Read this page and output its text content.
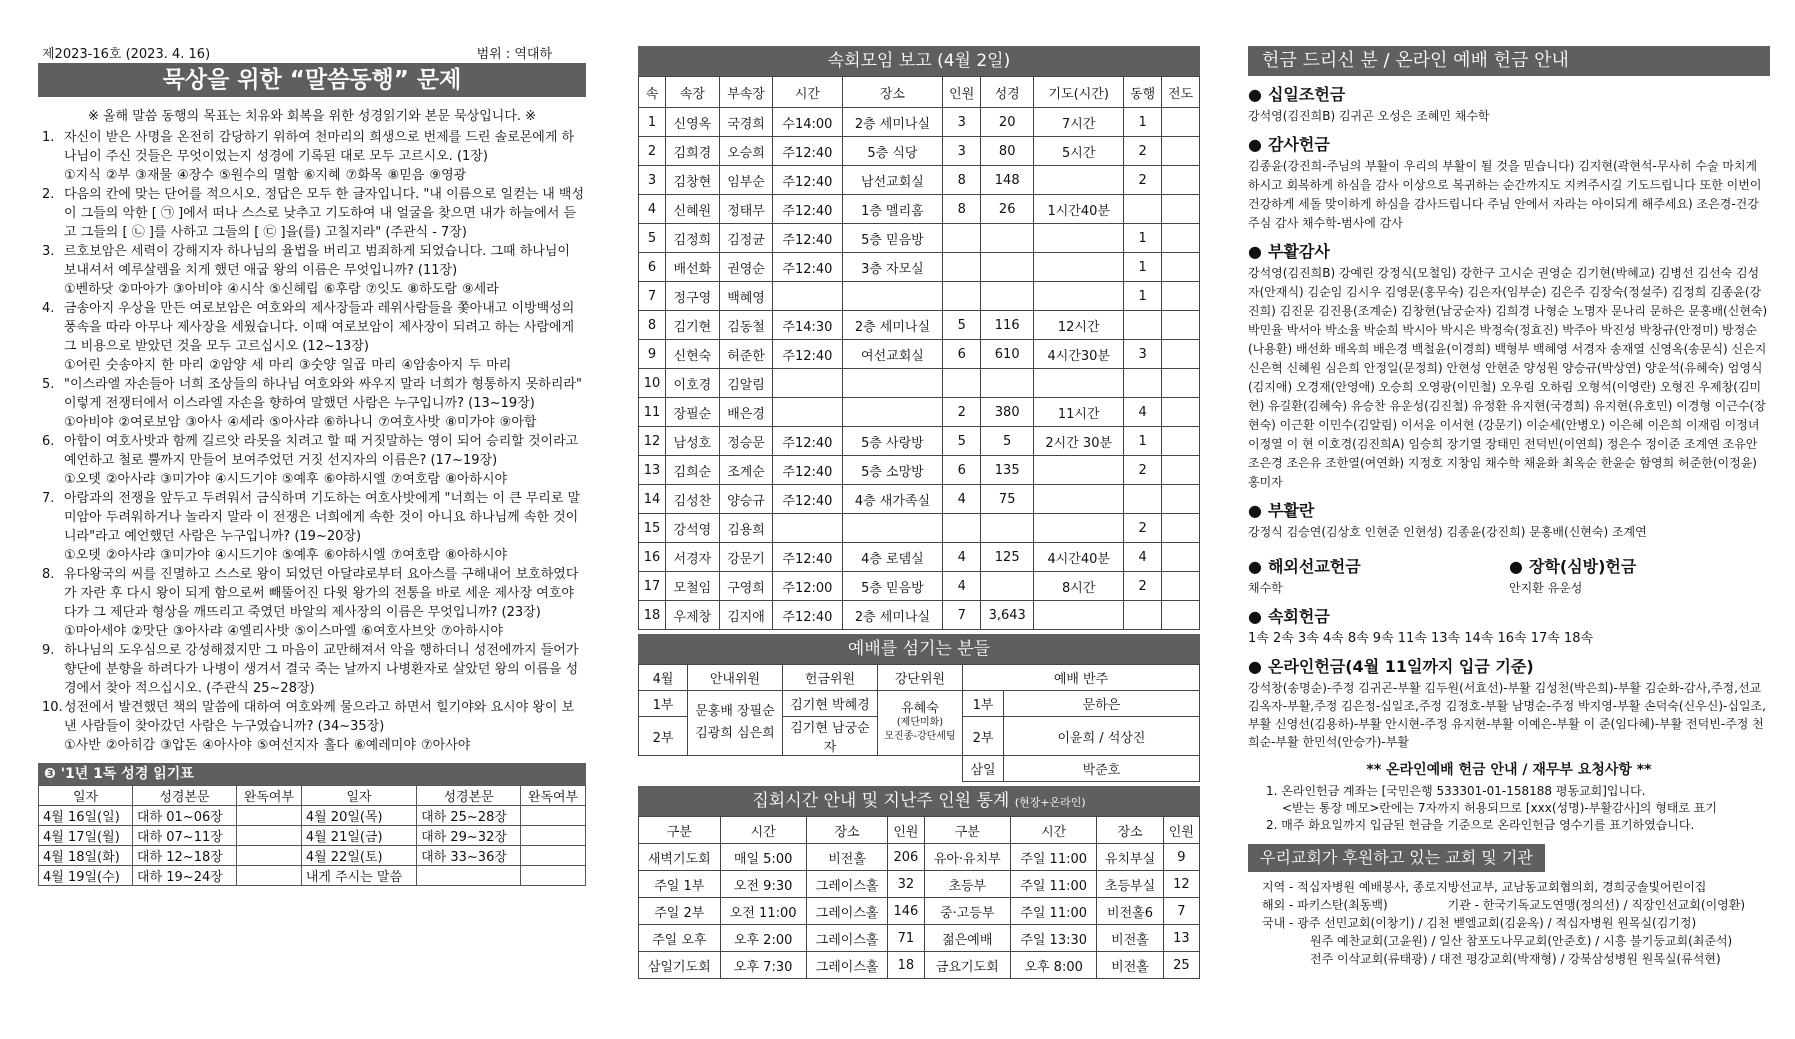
제2023-16호 (2023. 4. 16)	범위 : 역대하
묵상을 위한 “말씀동행” 문제
※ 올해 말씀 동행의 목표는 치유와 회복을 위한 성경읽기와 본문 묵상입니다. ※
1. 자신이 받은 사명을 온전히 감당하기 위하여 천마리의 희생으로 번제를 드린 솔로몬에게 하나님이 주신 것들은 무엇이었는지 성경에 기록된 대로 모두 고르시오. (1장)
①지식 ②부 ③재물 ④장수 ⑤원수의 멸함 ⑥지혜 ⑦화목 ⑧믿음 ⑨영광
2. 다음의 칸에 맞는 단어를 적으시오. 정답은 모두 한 글자입니다. "내 이름으로 일컫는 내 백성이 그들의 악한 [ ㉠ ]에서 떠나 스스로 낮추고 기도하여 내 얼굴을 찾으면 내가 하늘에서 듣고 그들의 [ ㉡ ]를 사하고 그들의 [ ㉢ ]을(를) 고칠지라" (주관식 - 7장)
3. 르호보암은 세력이 강해지자 하나님의 율법을 버리고 범죄하게 되었습니다. 그때 하나님이 보내셔서 예루살렘을 치게 했던 애굽 왕의 이름은 무엇입니까? (11장)
①벤하닷 ②마아가 ③아비야 ④시삭 ⑤신헤립 ⑥후람 ⑦잇도 ⑧하도람 ⑨세라
4. 금송아지 우상을 만든 여로보암은 여호와의 제사장들과 레위사람들을 쫓아내고 이방백성의 풍속을 따라 아무나 제사장을 세웠습니다. 이때 여로보암이 제사장이 되려고 하는 사람에게 그 비용으로 받았던 것을 모두 고르십시오 (12~13장)
①어린 숫송아지 한 마리 ②암양 세 마리 ③숫양 일곱 마리 ④암송아지 두 마리
5. "이스라엘 자손들아 너희 조상들의 하나님 여호와와 싸우지 말라 너희가 형통하지 못하리라" 이렇게 전쟁터에서 이스라엘 자손을 향하여 말했던 사람은 누구입니까? (13~19장)
①아비야 ②여로보암 ③아사 ④세라 ⑤아사랴 ⑥하나니 ⑦여호사밧 ⑧미가야 ⑨아합
6. 아합이 여호사밧과 함께 길르앗 라못을 치려고 할 때 거짓말하는 영이 되어 승리할 것이라고 예언하고 철로 뿔까지 만들어 보여주었던 거짓 선지자의 이름은? (17~19장)
①오뎃 ②아사랴 ③미가야 ④시드기야 ⑤예후 ⑥야하시엘 ⑦여호람 ⑧아하시야
7. 아람과의 전쟁을 앞두고 두려워서 금식하며 기도하는 여호사밧에게 "너희는 이 큰 무리로 말미암아 두려워하거나 놀라지 말라 이 전쟁은 너희에게 속한 것이 아니요 하나님께 속한 것이니라"라고 예언했던 사람은 누구입니까? (19~20장)
①오뎃 ②아사랴 ③미가야 ④시드기야 ⑤예후 ⑥야하시엘 ⑦여호람 ⑧아하시야
8. 유다왕국의 씨를 진멸하고 스스로 왕이 되었던 아달랴로부터 요아스를 구해내어 보호하였다가 자란 후 다시 왕이 되게 함으로써 빼뚤어진 다윗 왕가의 전통을 바로 세운 제사장 여호야다가 그 제단과 형상을 깨뜨리고 죽였던 바알의 제사장의 이름은 무엇입니까? (23장)
①마아세야 ②맛단 ③아사랴 ④엘리사밧 ⑤이스마엘 ⑥여호사브앗 ⑦아하시야
9. 하나님의 도우심으로 강성해졌지만 그 마음이 교만해져서 악을 행하더니 성전에까지 들어가 향단에 분향을 하려다가 나병이 생겨서 결국 죽는 날까지 나병환자로 살았던 왕의 이름을 성경에서 찾아 적으십시오. (주관식 25~28장)
10. 성전에서 발견했던 책의 말씀에 대하여 여호와께 물으라고 하면서 힐기야와 요시야 왕이 보낸 사람들이 찾아갔던 사람은 누구였습니까? (34~35장)
①사반 ②아히감 ③압돈 ④아사야 ⑤여선지자 훌다 ⑥예레미야 ⑦아사야
❸ '1년 1독 성경 읽기표
일자	성경본문	완독여부	일자	성경본문	완독여부
4월 16일(일)	대하 01~06장		4월 20일(목)	대하 25~28장	
4월 17일(월)	대하 07~11장		4월 21일(금)	대하 29~32장	
4월 18일(화)	대하 12~18장		4월 22일(토)	대하 33~36장	
4월 19일(수)	대하 19~24장		내게 주시는 말씀		
속회모임 보고 (4월 2일)
속	속장	부속장	시간	장소	인원	성경	기도(시간)	동행	전도
1	신영옥	국경희	수14:00	2층 세미나실	3	20	7시간	1	
2	김희경	오승희	주12:40	5층 식당	3	80	5시간	2	
3	김창현	임부순	주12:40	남선교회실	8	148		2	
4	신혜원	정태무	주12:40	1층 멜리홈	8	26	1시간40분		
5	김정희	김정균	주12:40	5층 믿음방				1	
6	배선화	권영순	주12:40	3층 자모실				1	
7	정구영	백혜영						1	
8	김기현	김동철	주14:30	2층 세미나실	5	116	12시간		
9	신현숙	허준한	주12:40	여선교회실	6	610	4시간30분	3	
10	이호경	김알림							
11	장필순	배은경			2	380	11시간	4	
12	남성호	정승문	주12:40	5층 사랑방	5	5	2시간 30분	1	
13	김희순	조계순	주12:40	5층 소망방	6	135		2	
14	김성찬	양승규	주12:40	4층 새가족실	4	75			
15	강석영	김용희						2	
16	서경자	강문기	주12:40	4층 로뎀실	4	125	4시간40분	4	
17	모철임	구영희	주12:00	5층 믿음방	4		8시간	2	
18	우제창	김지애	주12:40	2층 세미나실	7	3,643			
예배를 섬기는 분들
4월	안내위원	헌금위원	강단위원	예배 반주	
1부	문홍배 장필순 김광희 심은희	김기현 박혜경	유혜숙
(제단미화)
모진종-강단세팅	1부	문하은
2부		김기현 남궁순자		2부	이윤희 / 석상진
				삼일	박준호
집회시간 안내 및 지난주 인원 통계 (현장+온라인)
구분	시간	장소	인원	구분	시간	장소	인원
새벽기도회	매일 5:00	비전홀	206	유아·유치부	주일 11:00	유치부실	9
주일 1부	오전 9:30	그레이스홀	32	초등부	주일 11:00	초등부실	12
주일 2부	오전 11:00	그레이스홀	146	중·고등부	주일 11:00	비전홀6	7
주일 오후	오후 2:00	그레이스홀	71	젊은예배	주일 13:30	비전홀	13
삼일기도회	오후 7:30	그레이스홀	18	금요기도회	오후 8:00	비전홀	25
헌금 드리신 분 / 온라인 예배 헌금 안내
● 십일조헌금
강석영(김진희B) 김귀곤 오성은 조혜민 채수학
● 감사헌금
김종윤(강진희-주님의 부활이 우리의 부활이 될 것을 믿습니다) 김지현(곽현석-무사히 수술 마치게 하시고 회복하게 하심을 감사 이상으로 복귀하는 순간까지도 지켜주시길 기도드립니다 또한 이번이 건강하게 세돌 맞이하게 하심을 감사드립니다 주님 안에서 자라는 아이되게 해주세요) 조은경-건강 주심 감사 채수학-범사에 감사
● 부활감사
강석영(김진희B) 강예린 강정식(모철임) 강한구 고시순 권영순 김기현(박혜교) 김병선 김선숙 김성자(안재식) 김순임 김시우 김영문(홍무숙) 김은자(임부순) 김은주 김장숙(정설주) 김정희 김종윤(강진희) 김진문 김진용(조계순) 김창현(남궁순자) 김희경 나형순 노명자 문나리 문하은 문홍배(신현숙) 박민율 박서아 박소율 박순희 박시아 박시은 박정숙(정효진) 박주아 박진성 박창규(안정미) 방정순(나용환) 배선화 배옥희 배은경 백철윤(이경희) 백형부 백혜영 서경자 송재열 신영옥(송문식) 신은지 신은혁 신혜원 심은희 안정일(문정희) 안현성 안현준 양성원 양승규(박상연) 양운석(유혜숙) 엄영식(김지애) 오경재(안영애) 오승희 오영광(이민철) 오우림 오하림 오형석(이영란) 오형진 우제창(김미현) 유길환(김혜숙) 유승찬 유운성(김진철) 유정환 유지현(국경희) 유지현(유호민) 이경형 이근수(장현숙) 이근환 이민수(김알림) 이서윤 이서현 (강문기) 이순세(안병오) 이은혜 이은희 이재림 이정녀 이정열 이 현 이호경(김진희A) 임승희 장기열 장태민 전덕빈(이연희) 정은수 정이준 조계연 조유안 조은경 조은유 조한열(여연화) 지정호 지창임 채수학 채윤화 최옥순 한윤순 함영희 허준한(이정윤) 홍미자
● 부활란
강정식 김승연(김상호 인현준 인현성) 김종윤(강진희) 문홍배(신현숙) 조계연
● 해외선교헌금
채수학
● 장학(심방)헌금
안지환 유운성
● 속회헌금
1속 2속 3속 4속 8속 9속 11속 13속 14속 16속 17속 18속
● 온라인헌금(4월 11일까지 입금 기준)
강석창(송명순)-주정 김귀곤-부활 김두원(서효선)-부활 김성천(박은희)-부활 김순화-감사,주정,선교 김옥자-부활,주정 김은정-십일조,주정 김정호-부활 남명순-주정 박지영-부활 손덕숙(신우신)-십일조, 부활 신영선(김용하)-부활 안시현-주정 유지현-부활 이예은-부활 이 준(임다혜)-부활 전덕빈-주정 천희순-부활 한민석(안승가)-부활
** 온라인예배 헌금 안내 / 재무부 요청사항 **
1. 온라인헌금 계좌는 [국민은행 533301-01-158188 평동교회]입니다.
<받는 통장 메모>란에는 7자까지 허용되므로 [xxx(성명)-부활감사]의 형태로 표기
2. 매주 화요일까지 입금된 헌금을 기준으로 온라인헌금 영수기를 표기하였습니다.
우리교회가 후원하고 있는 교회 및 기관
지역 - 적십자병원 예배봉사, 종로지방선교부, 교남동교회협의회, 경희궁솔빛어린이집
해외 - 파키스탄(최동백)　　　　　기관 - 한국기독교도연맹(정의선) / 직장인선교회(이영환)
국내 - 광주 선민교회(이창기) / 김천 벧엘교회(김윤옥) / 적십자병원 원목실(김기정)
　　　　원주 예찬교회(고윤원) / 일산 참포도나무교회(안준호) / 시흥 불기둥교회(최준석)
　　　　전주 이삭교회(류태광) / 대전 평강교회(박재형) / 강북삼성병원 원목실(류석현)
